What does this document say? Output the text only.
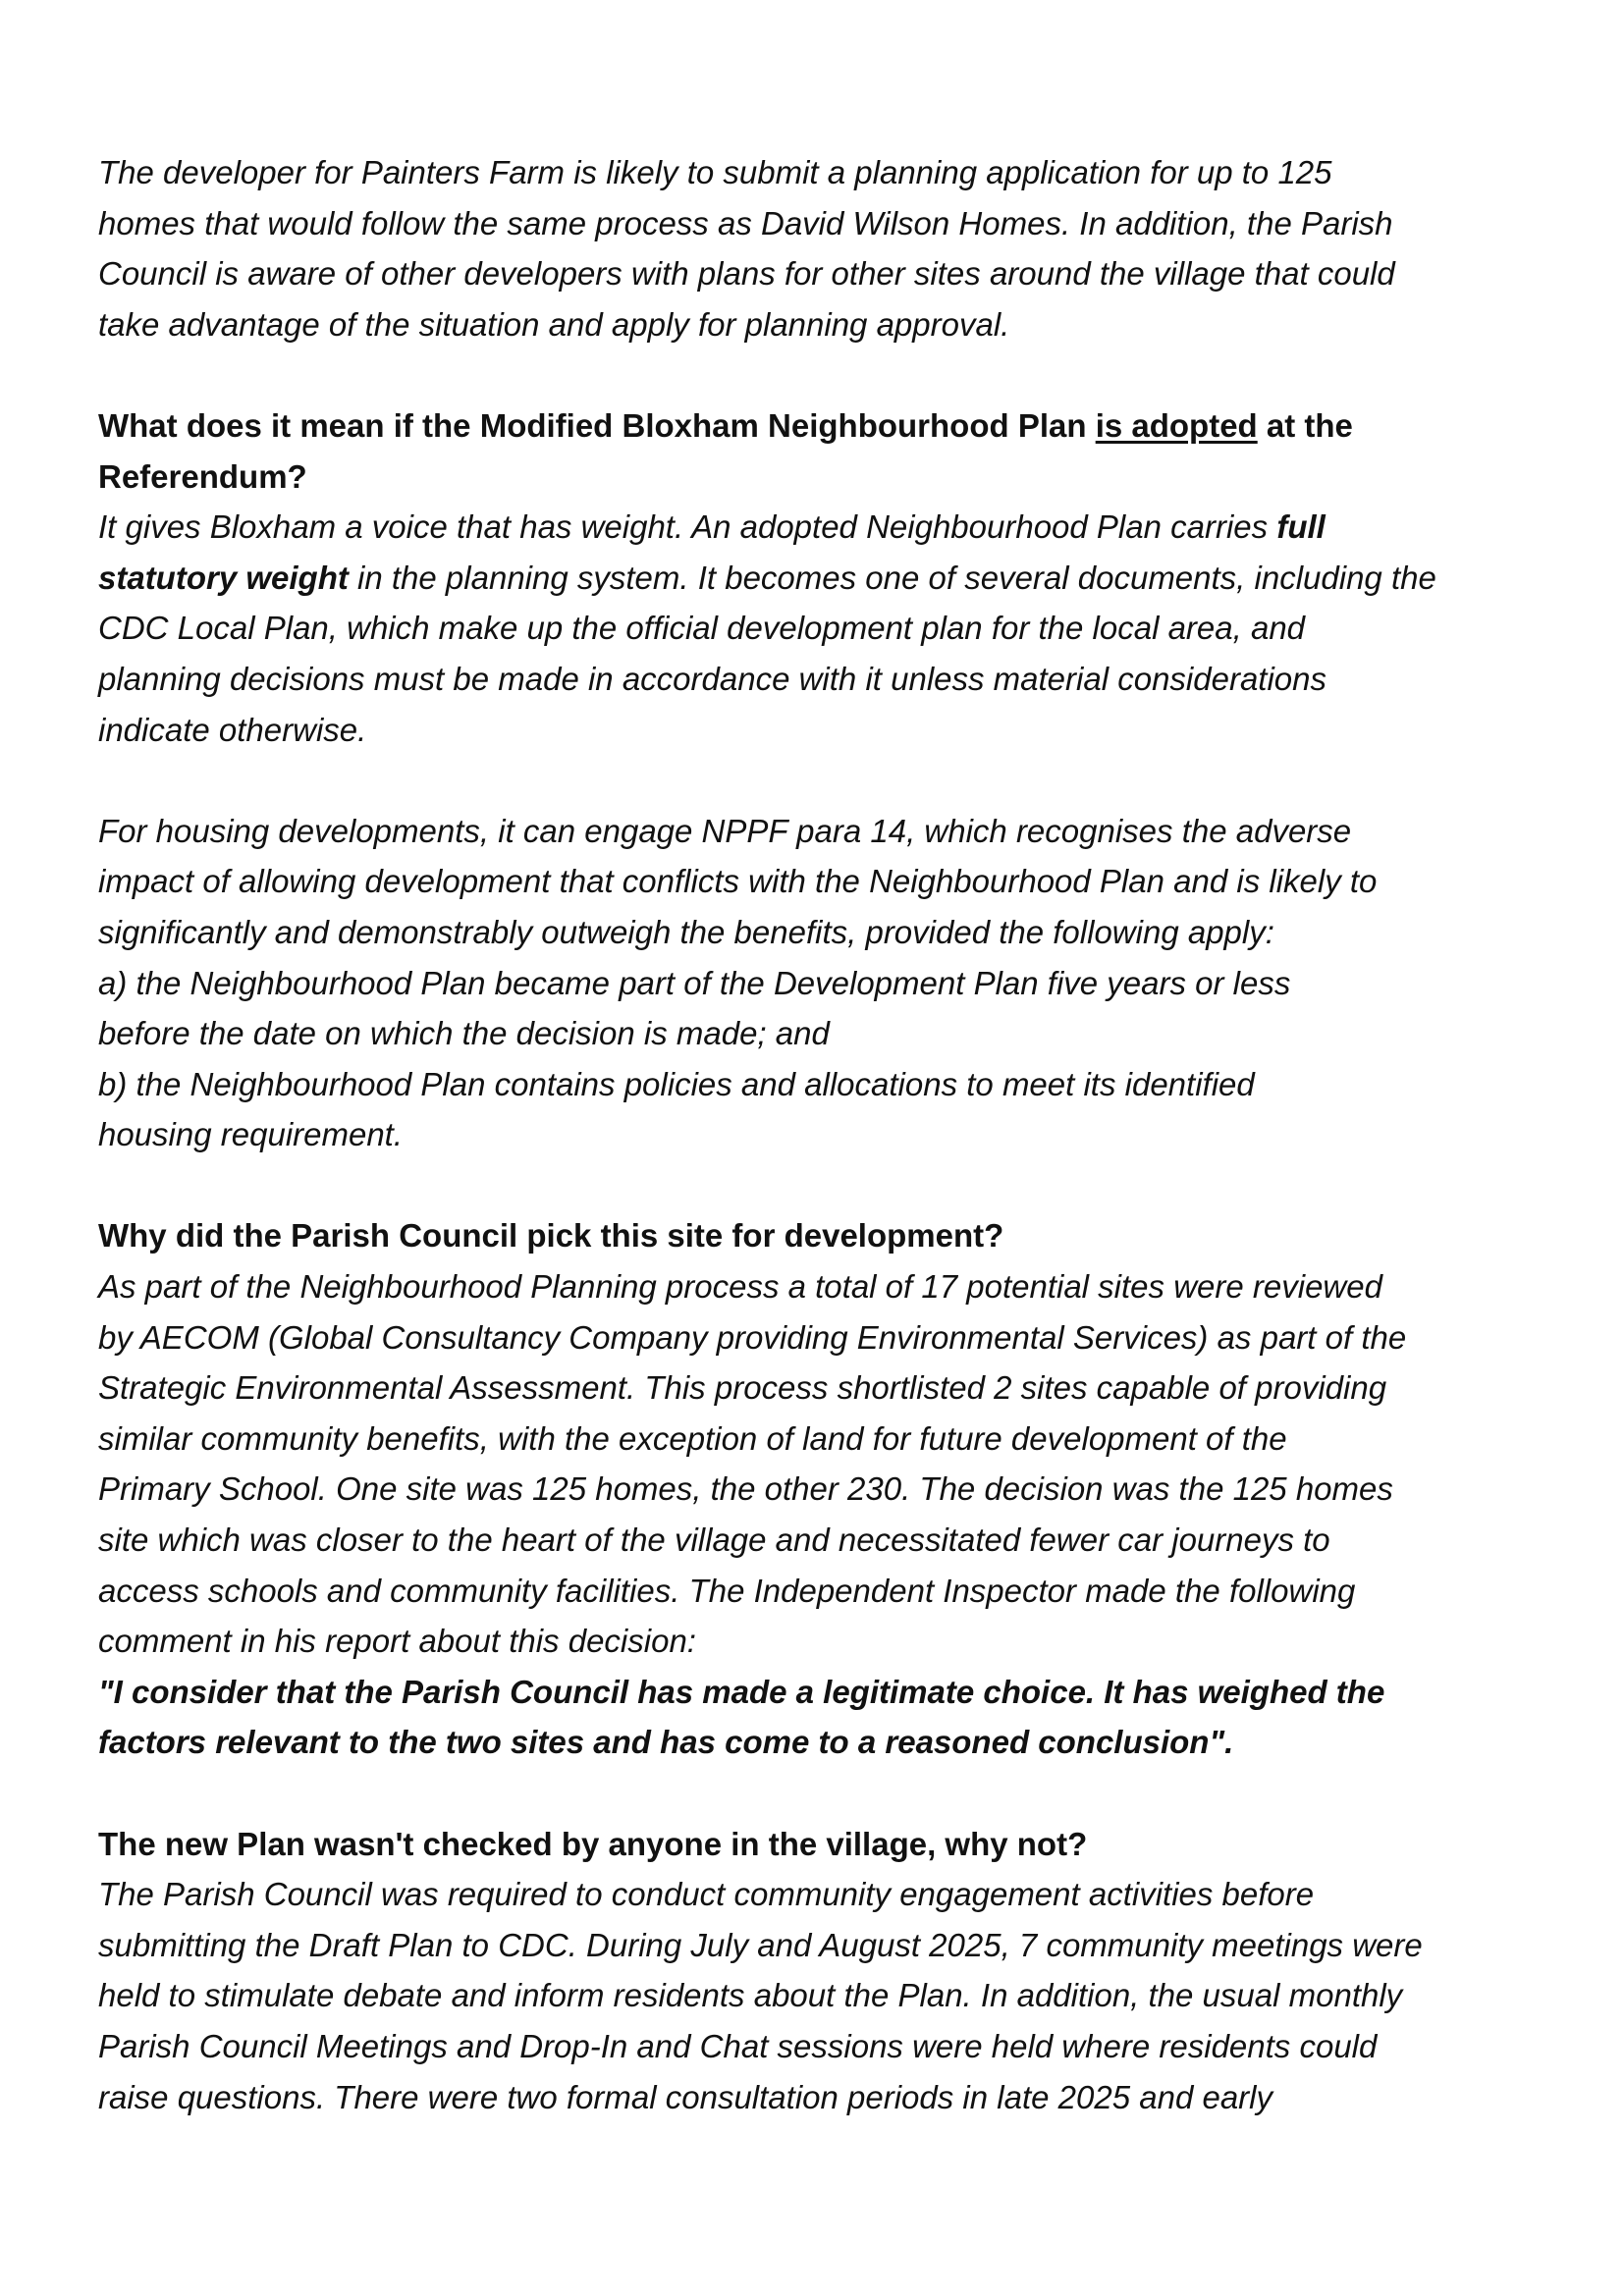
The developer for Painters Farm is likely to submit a planning application for up to 125
homes that would follow the same process as David Wilson Homes. In addition, the Parish
Council is aware of other developers with plans for other sites around the village that could
take advantage of the situation and apply for planning approval.

What does it mean if the Modified Bloxham Neighbourhood Plan is adopted at the
Referendum?

It gives Bloxham a voice that has weight. An adopted Neighbourhood Plan carries full
statutory weight in the planning system. It becomes one of several documents, including the
CDC Local Plan, which make up the official development plan for the local area, and
planning decisions must be made in accordance with it unless material considerations
indicate otherwise.

For housing developments, it can engage NPPF para 14, which recognises the adverse
impact of allowing development that conflicts with the Neighbourhood Plan and is likely to
significantly and demonstrably outweigh the benefits, provided the following apply:
a) the Neighbourhood Plan became part of the Development Plan five years or less
before the date on which the decision is made; and
b) the Neighbourhood Plan contains policies and allocations to meet its identified
housing requirement.

Why did the Parish Council pick this site for development?

As part of the Neighbourhood Planning process a total of 17 potential sites were reviewed
by AECOM (Global Consultancy Company providing Environmental Services) as part of the
Strategic Environmental Assessment. This process shortlisted 2 sites capable of providing
similar community benefits, with the exception of land for future development of the
Primary School. One site was 125 homes, the other 230. The decision was the 125 homes
site which was closer to the heart of the village and necessitated fewer car journeys to
access schools and community facilities. The Independent Inspector made the following
comment in his report about this decision:

"I consider that the Parish Council has made a legitimate choice. It has weighed the
factors relevant to the two sites and has come to a reasoned conclusion".

The new Plan wasn't checked by anyone in the village, why not?

The Parish Council was required to conduct community engagement activities before
submitting the Draft Plan to CDC. During July and August 2025, 7 community meetings were
held to stimulate debate and inform residents about the Plan. In addition, the usual monthly
Parish Council Meetings and Drop-In and Chat sessions were held where residents could
raise questions. There were two formal consultation periods in late 2025 and early
